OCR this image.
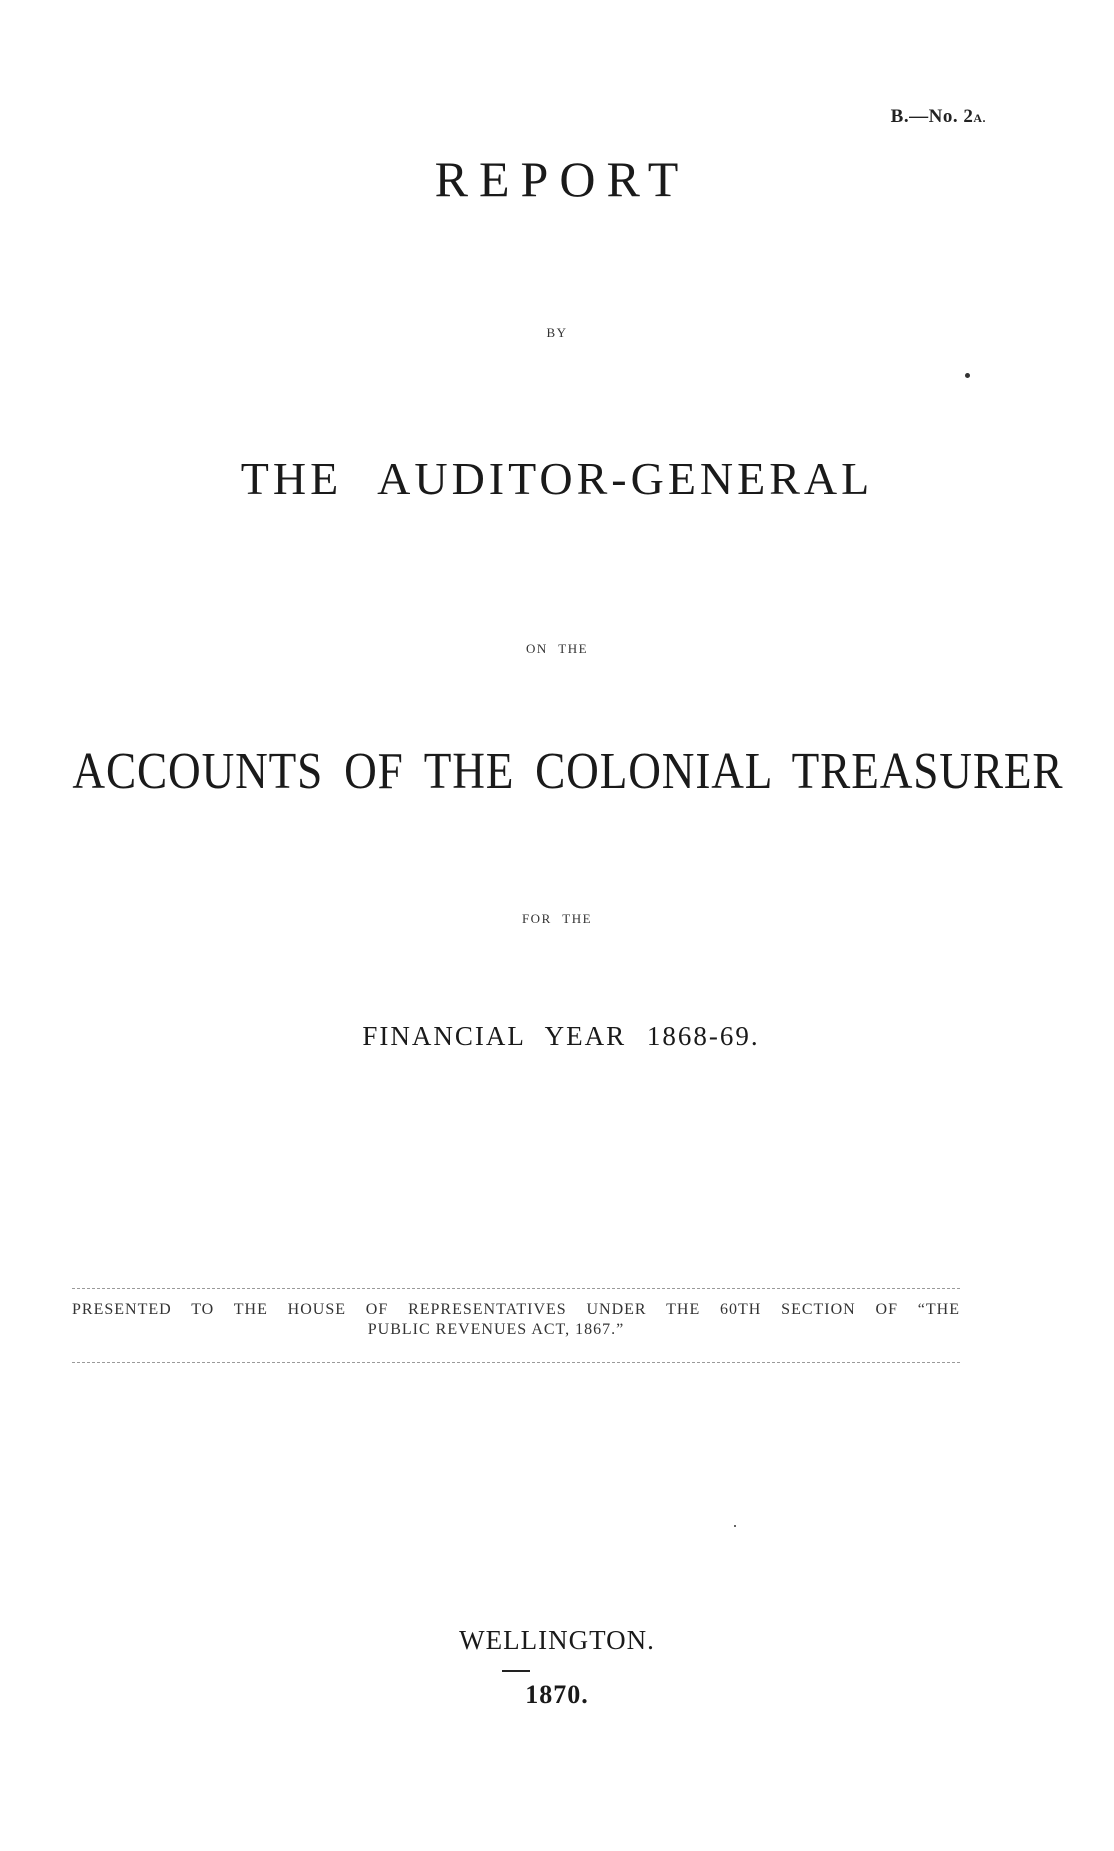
B.—No. 2A.
REPORT
BY
THE AUDITOR-GENERAL
ON THE
ACCOUNTS OF THE COLONIAL TREASURER
FOR THE
FINANCIAL YEAR 1868-69.
PRESENTED TO THE HOUSE OF REPRESENTATIVES UNDER THE 60TH SECTION OF “THE
PUBLIC REVENUES ACT, 1867.”
WELLINGTON.
1870.
